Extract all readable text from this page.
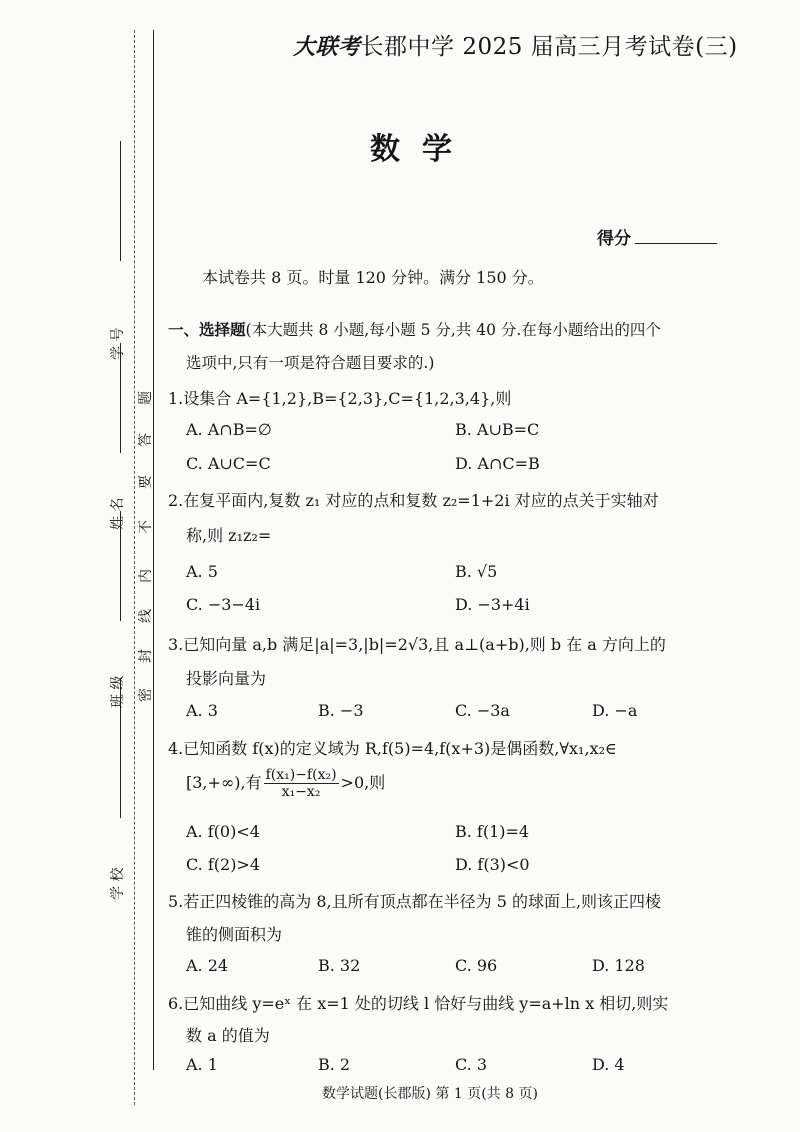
学 号
姓 名
班 级
学 校
密
封
线
内
不
要
答
题
大联考长郡中学 2025 届高三月考试卷(三)
数学
得分
本试卷共 8 页。时量 120 分钟。满分 150 分。
一、选择题(本大题共 8 小题,每小题 5 分,共 40 分.在每小题给出的四个
选项中,只有一项是符合题目要求的.)
1.设集合 A={1,2},B={2,3},C={1,2,3,4},则
A. A∩B=∅	B. A∪B=C
C. A∪C=C	D. A∩C=B
2.在复平面内,复数 z₁ 对应的点和复数 z₂=1+2i 对应的点关于实轴对
称,则 z₁z₂=
A. 5	B. √5
C. −3−4i	D. −3+4i
3.已知向量 a,b 满足|a|=3,|b|=2√3,且 a⊥(a+b),则 b 在 a 方向上的
投影向量为
A. 3	B. −3	C. −3a	D. −a
4.已知函数 f(x)的定义域为 R,f(5)=4,f(x+3)是偶函数,∀x₁,x₂∈
[3,+∞),有 $\frac{\text{f(x₁)−f(x₂)}}{\text{x₁−x₂}} >0$,则
A. f(0)<4	B. f(1)=4
C. f(2)>4	D. f(3)<0
5.若正四棱锥的高为 8,且所有顶点都在半径为 5 的球面上,则该正四棱
锥的侧面积为
A. 24	B. 32	C. 96	D. 128
6.已知曲线 y=eˣ 在 x=1 处的切线 l 恰好与曲线 y=a+ln x 相切,则实
数 a 的值为
A. 1	B. 2	C. 3	D. 4
数学试题(长郡版) 第 1 页(共 8 页)
